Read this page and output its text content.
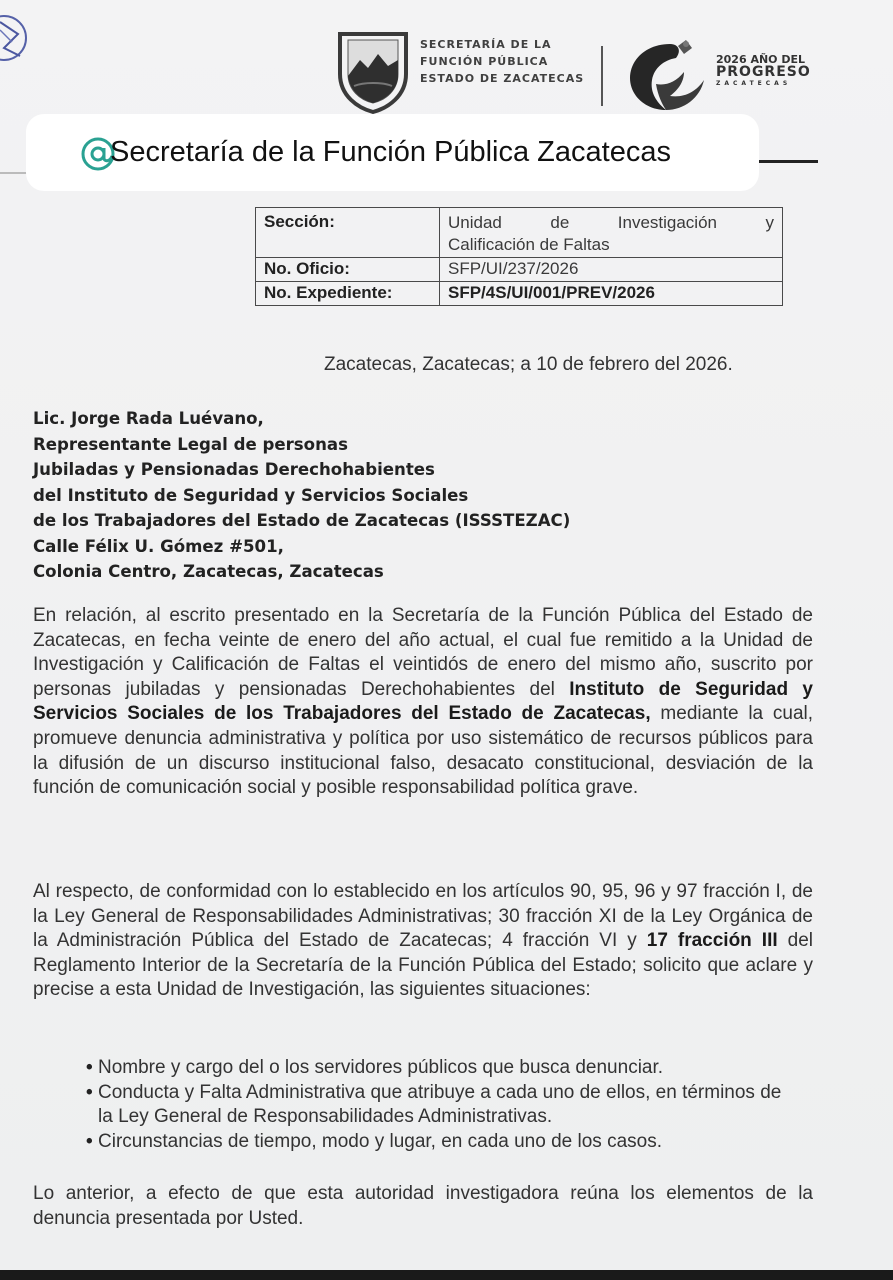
SECRETARÍA DE LA
FUNCIÓN PÚBLICA
ESTADO DE ZACATECAS
2026 AÑO DEL
PROGRESO
ZACATECAS
Sección:	Unidad de Investigación y
Calificación de Faltas

No. Oficio:	SFP/UI/237/2026
No. Expediente:	SFP/4S/UI/001/PREV/2026
Zacatecas, Zacatecas; a 10 de febrero del 2026.
Lic. Jorge Rada Luévano,
Representante Legal de personas
Jubiladas y Pensionadas Derechohabientes
del Instituto de Seguridad y Servicios Sociales
de los Trabajadores del Estado de Zacatecas (ISSSTEZAC)
Calle Félix U. Gómez #501,
Colonia Centro, Zacatecas, Zacatecas

En relación, al escrito presentado en la Secretaría de la Función Pública del Estado de Zacatecas, en fecha veinte de enero del año actual, el cual fue remitido a la Unidad de Investigación y Calificación de Faltas el veintidós de enero del mismo año, suscrito por personas jubiladas y pensionadas Derechohabientes del Instituto de Seguridad y Servicios Sociales de los Trabajadores del Estado de Zacatecas, mediante la cual, promueve denuncia administrativa y política por uso sistemático de recursos públicos para la difusión de un discurso institucional falso, desacato constitucional, desviación de la función de comunicación social y posible responsabilidad política grave.

Al respecto, de conformidad con lo establecido en los artículos 90, 95, 96 y 97 fracción I, de la Ley General de Responsabilidades Administrativas; 30 fracción XI de la Ley Orgánica de la Administración Pública del Estado de Zacatecas; 4 fracción VI y 17 fracción III del Reglamento Interior de la Secretaría de la Función Pública del Estado; solicito que aclare y precise a esta Unidad de Investigación, las siguientes situaciones:

• Nombre y cargo del o los servidores públicos que busca denunciar.
• Conducta y Falta Administrativa que atribuye a cada uno de ellos, en términos de la Ley General de Responsabilidades Administrativas.
• Circunstancias de tiempo, modo y lugar, en cada uno de los casos.

Lo anterior, a efecto de que esta autoridad investigadora reúna los elementos de la denuncia presentada por Usted.

Secretaría de la Función Pública Zacatecas
